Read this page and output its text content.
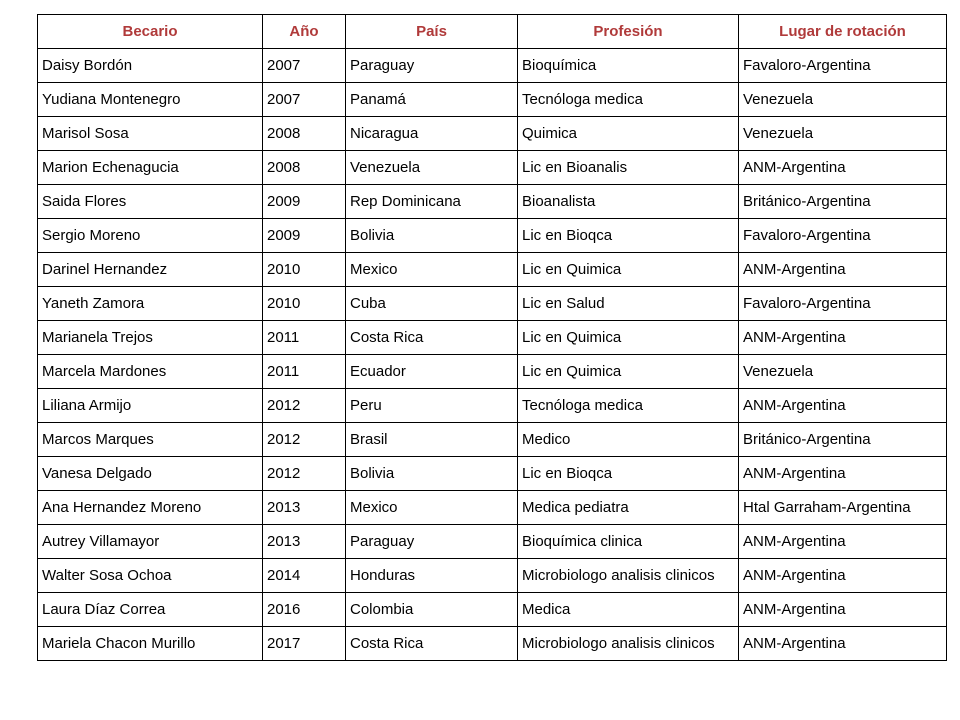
Becario	Año	País	Profesión	Lugar de rotación
Daisy Bordón	2007	Paraguay	Bioquímica	Favaloro-Argentina
Yudiana Montenegro	2007	Panamá	Tecnóloga medica	Venezuela
Marisol Sosa	2008	Nicaragua	Quimica	Venezuela
Marion Echenagucia	2008	Venezuela	Lic en Bioanalis	ANM-Argentina
Saida Flores	2009	Rep Dominicana	Bioanalista	Británico-Argentina
Sergio Moreno	2009	Bolivia	Lic en Bioqca	Favaloro-Argentina
Darinel Hernandez	2010	Mexico	Lic en Quimica	ANM-Argentina
Yaneth Zamora	2010	Cuba	Lic en Salud	Favaloro-Argentina
Marianela Trejos	2011	Costa Rica	Lic en Quimica	ANM-Argentina
Marcela Mardones	2011	Ecuador	Lic en Quimica	Venezuela
Liliana Armijo	2012	Peru	Tecnóloga medica	ANM-Argentina
Marcos Marques	2012	Brasil	Medico	Británico-Argentina
Vanesa Delgado	2012	Bolivia	Lic en Bioqca	ANM-Argentina
Ana Hernandez Moreno	2013	Mexico	Medica pediatra	Htal Garraham-Argentina
Autrey Villamayor	2013	Paraguay	Bioquímica clinica	ANM-Argentina
Walter Sosa Ochoa	2014	Honduras	Microbiologo analisis clinicos	ANM-Argentina
Laura Díaz Correa	2016	Colombia	Medica	ANM-Argentina
Mariela Chacon Murillo	2017	Costa Rica	Microbiologo analisis clinicos	ANM-Argentina
